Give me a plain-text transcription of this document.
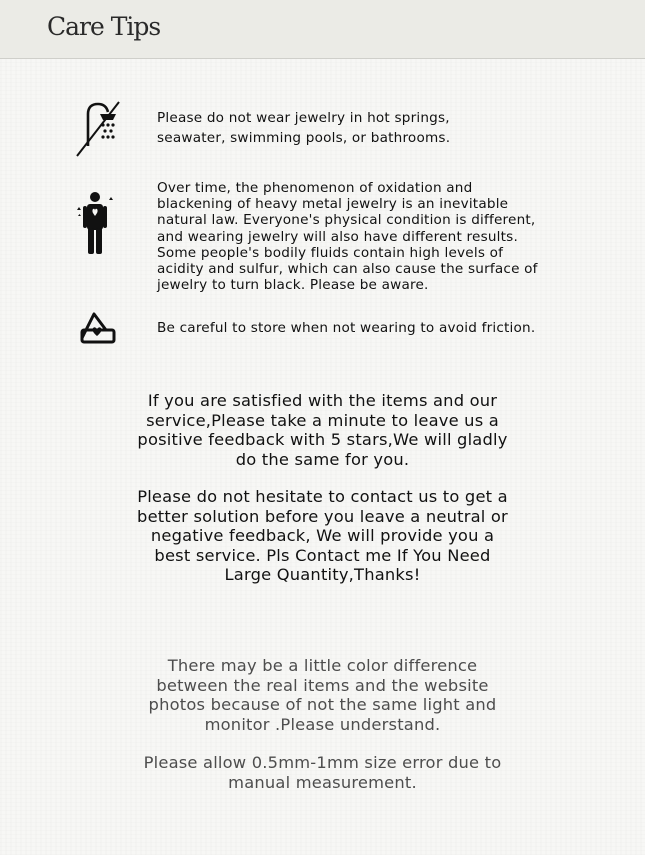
Care Tips
Please do not wear jewelry in hot springs,
seawater, swimming pools, or bathrooms.
Over time, the phenomenon of oxidation and
blackening of heavy metal jewelry is an inevitable
natural law. Everyone's physical condition is different,
and wearing jewelry will also have different results.
Some people's bodily fluids contain high levels of
acidity and sulfur, which can also cause the surface of
jewelry to turn black. Please be aware.
Be careful to store when not wearing to avoid friction.
If you are satisfied with the items and our
service,Please take a minute to leave us a
positive feedback with 5 stars,We will gladly
do the same for you.
Please do not hesitate to contact us to get a
better solution before you leave a neutral or
negative feedback, We will provide you a
best service. Pls Contact me If You Need
Large Quantity,Thanks!
There may be a little color difference
between the real items and the website
photos because of not the same light and
monitor .Please understand.
Please allow 0.5mm-1mm size error due to
manual measurement.
